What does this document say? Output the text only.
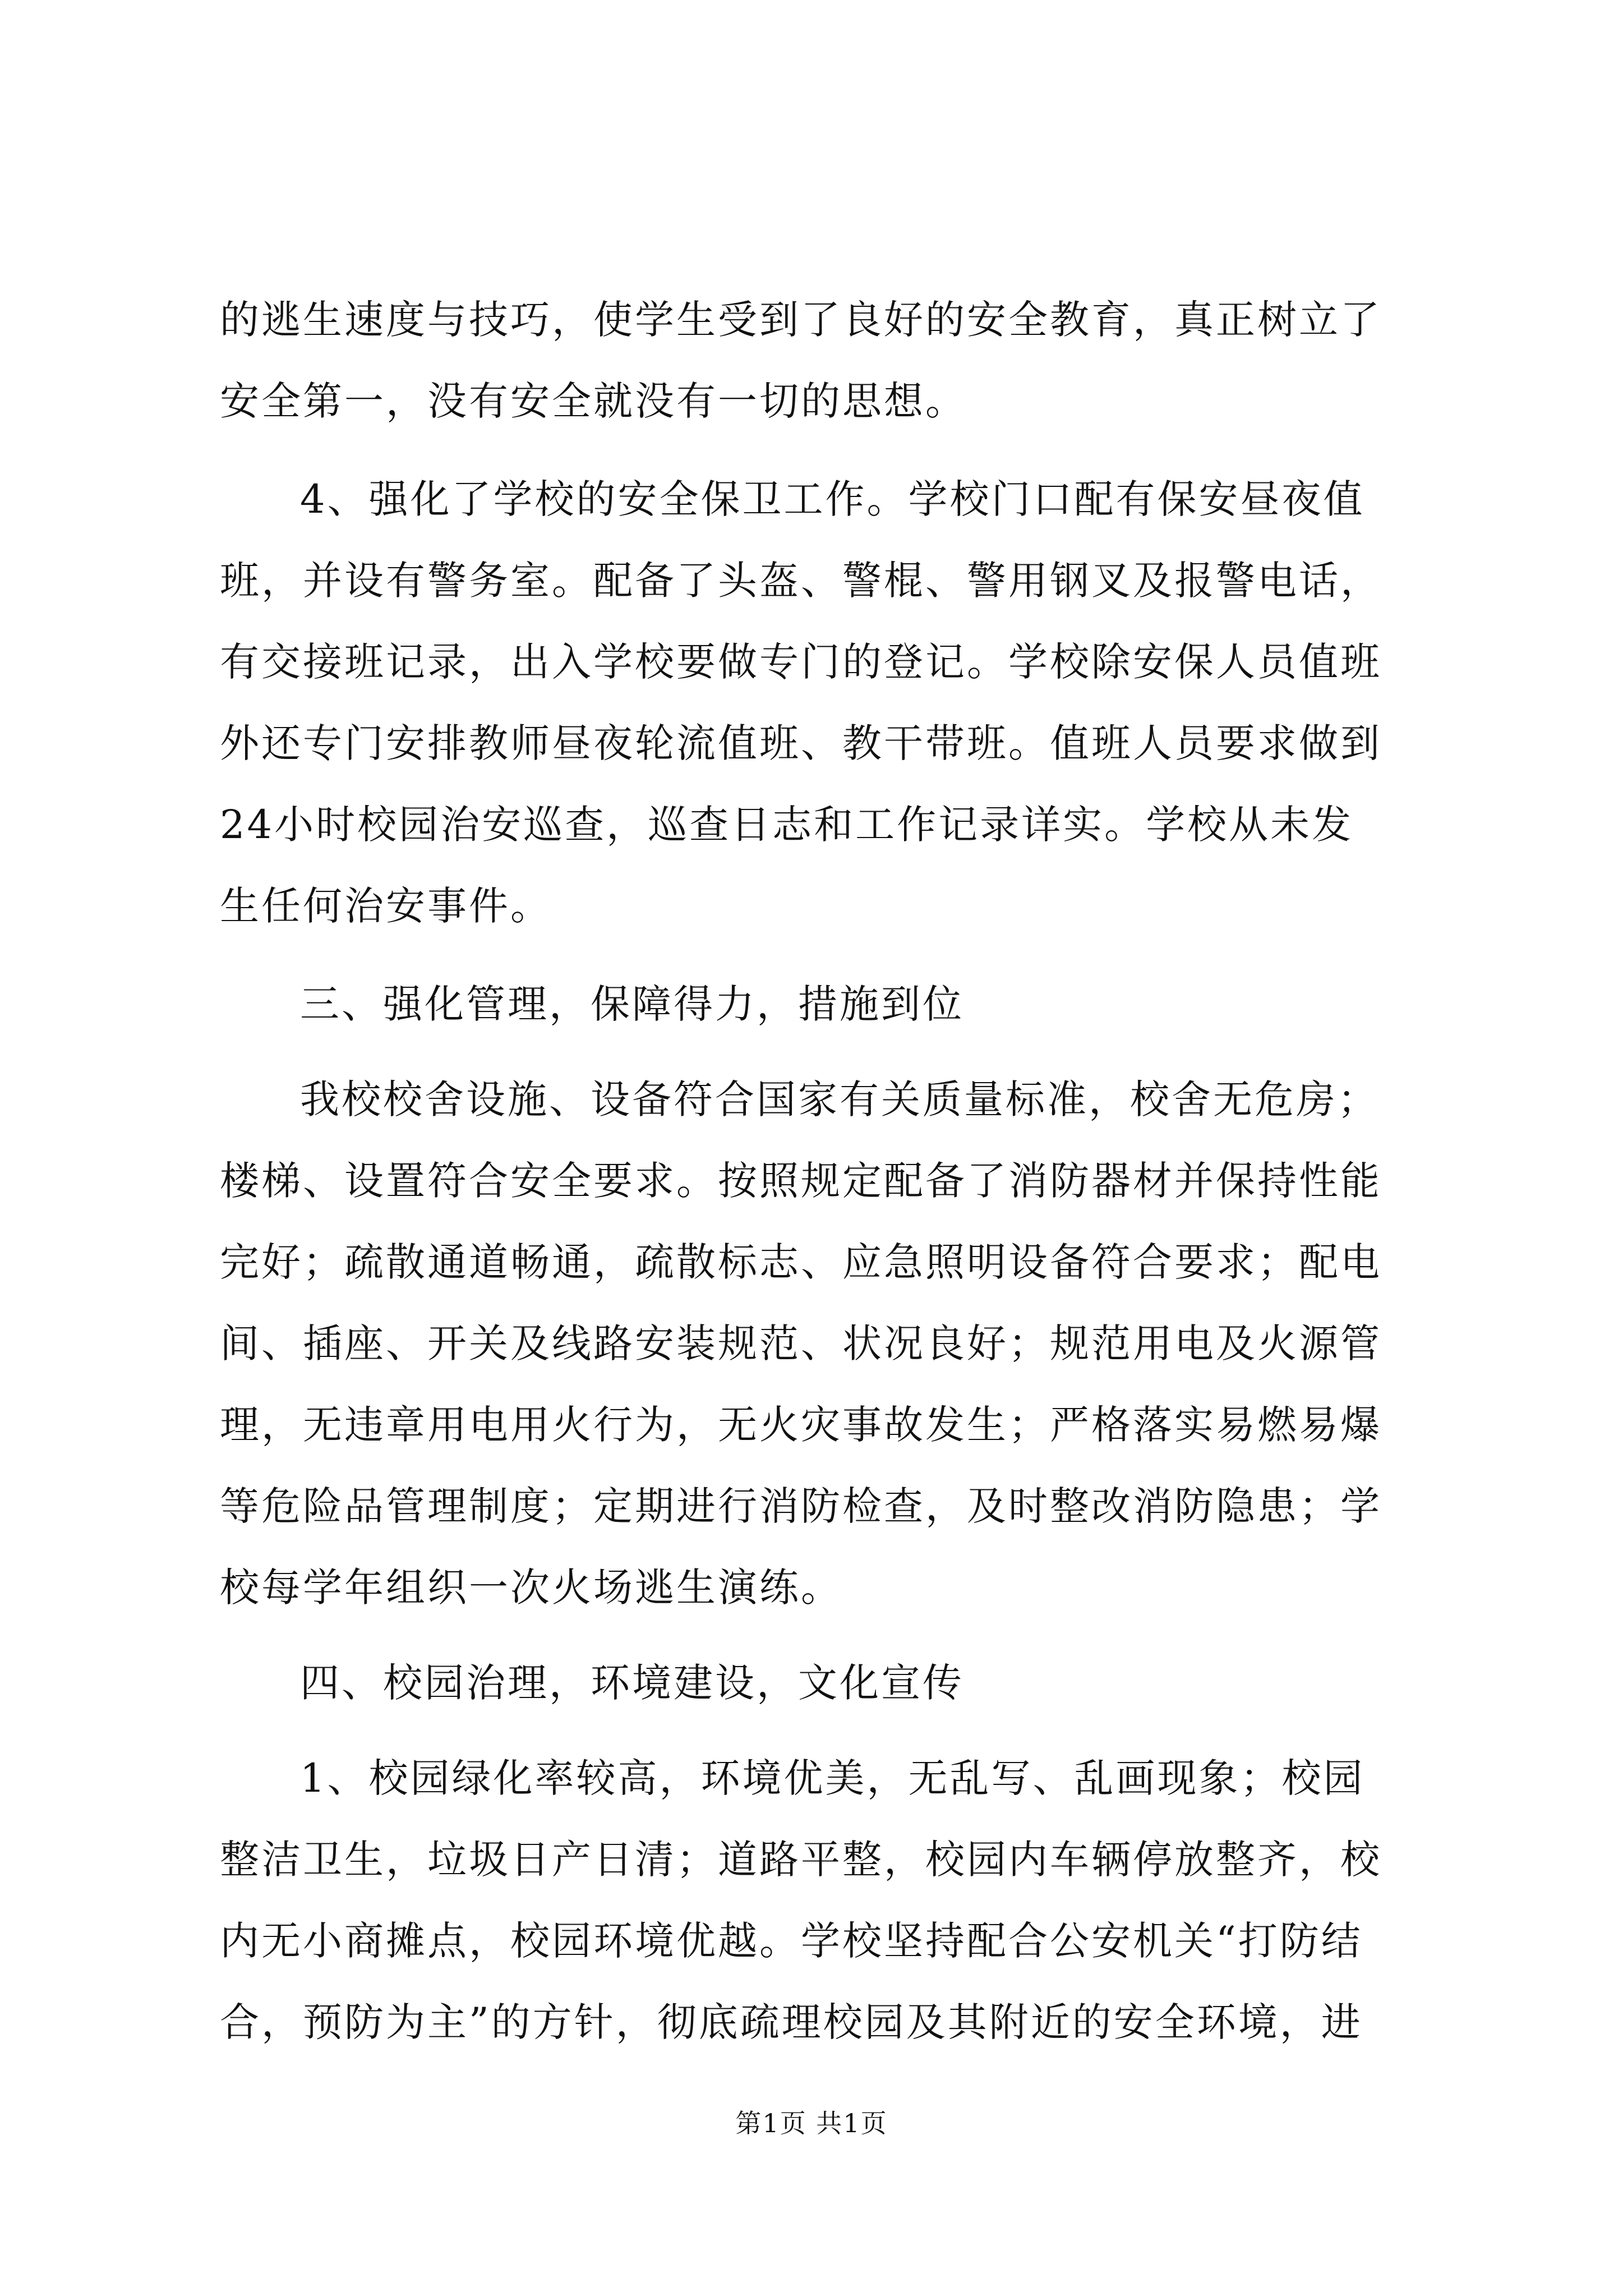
的逃生速度与技巧，使学生受到了良好的安全教育，真正树立了
安全第一，没有安全就没有一切的思想。
4、强化了学校的安全保卫工作。学校门口配有保安昼夜值
班，并设有警务室。配备了头盔、警棍、警用钢叉及报警电话，
有交接班记录，出入学校要做专门的登记。学校除安保人员值班
外还专门安排教师昼夜轮流值班、教干带班。值班人员要求做到
24小时校园治安巡查，巡查日志和工作记录详实。学校从未发
生任何治安事件。
三、强化管理，保障得力，措施到位
我校校舍设施、设备符合国家有关质量标准，校舍无危房；
楼梯、设置符合安全要求。按照规定配备了消防器材并保持性能
完好；疏散通道畅通，疏散标志、应急照明设备符合要求；配电
间、插座、开关及线路安装规范、状况良好；规范用电及火源管
理，无违章用电用火行为，无火灾事故发生；严格落实易燃易爆
等危险品管理制度；定期进行消防检查，及时整改消防隐患；学
校每学年组织一次火场逃生演练。
四、校园治理，环境建设，文化宣传
1、校园绿化率较高，环境优美，无乱写、乱画现象；校园
整洁卫生，垃圾日产日清；道路平整，校园内车辆停放整齐，校
内无小商摊点，校园环境优越。学校坚持配合公安机关“打防结
合，预防为主”的方针，彻底疏理校园及其附近的安全环境，进
第1页 共1页
